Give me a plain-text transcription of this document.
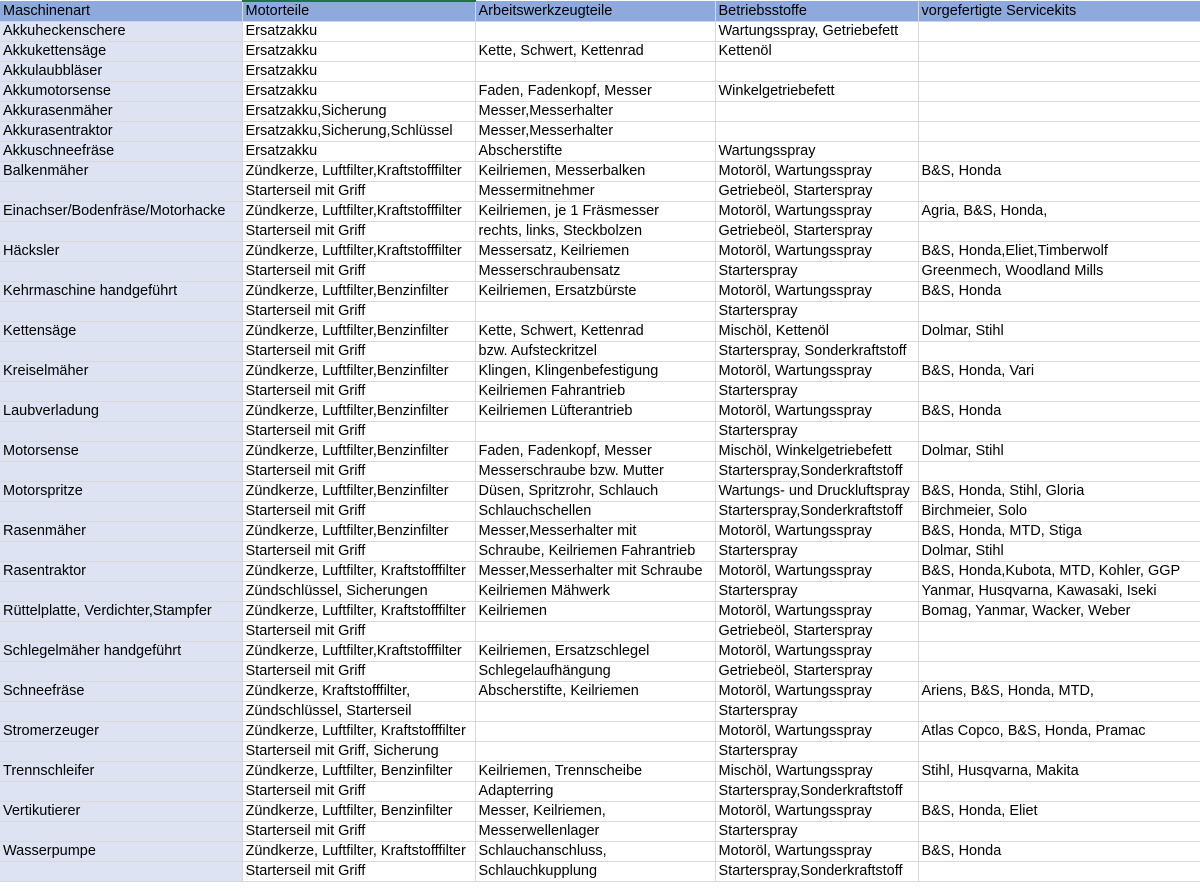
Maschinenart	Motorteile	Arbeitswerkzeugteile	Betriebsstoffe	vorgefertigte Servicekits
Akkuheckenschere	Ersatzakku		Wartungsspray, Getriebefett	
Akkukettensäge	Ersatzakku	Kette, Schwert, Kettenrad	Kettenöl	
Akkulaubbläser	Ersatzakku			
Akkumotorsense	Ersatzakku	Faden, Fadenkopf, Messer	Winkelgetriebefett	
Akkurasenmäher	Ersatzakku,Sicherung	Messer,Messerhalter		
Akkurasentraktor	Ersatzakku,Sicherung,Schlüssel	Messer,Messerhalter		
Akkuschneefräse	Ersatzakku	Abscherstifte	Wartungsspray	
Balkenmäher	Zündkerze, Luftfilter,Kraftstofffilter	Keilriemen, Messerbalken	Motoröl, Wartungsspray	B&S, Honda
	Starterseil mit Griff	Messermitnehmer	Getriebeöl, Starterspray	
Einachser/Bodenfräse/Motorhacke	Zündkerze, Luftfilter,Kraftstofffilter	Keilriemen, je 1 Fräsmesser	Motoröl, Wartungsspray	Agria, B&S, Honda,
	Starterseil mit Griff	rechts, links, Steckbolzen	Getriebeöl, Starterspray	
Häcksler	Zündkerze, Luftfilter,Kraftstofffilter	Messersatz, Keilriemen	Motoröl, Wartungsspray	B&S, Honda,Eliet,Timberwolf
	Starterseil mit Griff	Messerschraubensatz	Starterspray	Greenmech, Woodland Mills
Kehrmaschine handgeführt	Zündkerze, Luftfilter,Benzinfilter	Keilriemen, Ersatzbürste	Motoröl, Wartungsspray	B&S, Honda
	Starterseil mit Griff		Starterspray	
Kettensäge	Zündkerze, Luftfilter,Benzinfilter	Kette, Schwert, Kettenrad	Mischöl, Kettenöl	Dolmar, Stihl
	Starterseil mit Griff	bzw. Aufsteckritzel	Starterspray, Sonderkraftstoff	
Kreiselmäher	Zündkerze, Luftfilter,Benzinfilter	Klingen, Klingenbefestigung	Motoröl, Wartungsspray	B&S, Honda, Vari
	Starterseil mit Griff	Keilriemen Fahrantrieb	Starterspray	
Laubverladung	Zündkerze, Luftfilter,Benzinfilter	Keilriemen Lüfterantrieb	Motoröl, Wartungsspray	B&S, Honda
	Starterseil mit Griff		Starterspray	
Motorsense	Zündkerze, Luftfilter,Benzinfilter	Faden, Fadenkopf, Messer	Mischöl, Winkelgetriebefett	Dolmar, Stihl
	Starterseil mit Griff	Messerschraube bzw. Mutter	Starterspray,Sonderkraftstoff	
Motorspritze	Zündkerze, Luftfilter,Benzinfilter	Düsen, Spritzrohr, Schlauch	Wartungs- und Druckluftspray	B&S, Honda, Stihl, Gloria
	Starterseil mit Griff	Schlauchschellen	Starterspray,Sonderkraftstoff	Birchmeier, Solo
Rasenmäher	Zündkerze, Luftfilter,Benzinfilter	Messer,Messerhalter mit	Motoröl, Wartungsspray	B&S, Honda, MTD, Stiga
	Starterseil mit Griff	Schraube, Keilriemen Fahrantrieb	Starterspray	Dolmar, Stihl
Rasentraktor	Zündkerze, Luftfilter, Kraftstofffilter	Messer,Messerhalter mit Schraube	Motoröl, Wartungsspray	B&S, Honda,Kubota, MTD, Kohler, GGP
	Zündschlüssel, Sicherungen	Keilriemen Mähwerk	Starterspray	Yanmar, Husqvarna, Kawasaki, Iseki
Rüttelplatte, Verdichter,Stampfer	Zündkerze, Luftfilter, Kraftstofffilter	Keilriemen	Motoröl, Wartungsspray	Bomag, Yanmar, Wacker, Weber
	Starterseil mit Griff		Getriebeöl, Starterspray	
Schlegelmäher handgeführt	Zündkerze, Luftfilter,Kraftstofffilter	Keilriemen, Ersatzschlegel	Motoröl, Wartungsspray	
	Starterseil mit Griff	Schlegelaufhängung	Getriebeöl, Starterspray	
Schneefräse	Zündkerze, Kraftstofffilter,	Abscherstifte, Keilriemen	Motoröl, Wartungsspray	Ariens, B&S, Honda, MTD,
	Zündschlüssel, Starterseil		Starterspray	
Stromerzeuger	Zündkerze, Luftfilter, Kraftstofffilter		Motoröl, Wartungsspray	Atlas Copco, B&S, Honda, Pramac
	Starterseil mit Griff, Sicherung		Starterspray	
Trennschleifer	Zündkerze, Luftfilter, Benzinfilter	Keilriemen, Trennscheibe	Mischöl, Wartungsspray	Stihl, Husqvarna, Makita
	Starterseil mit Griff	Adapterring	Starterspray,Sonderkraftstoff	
Vertikutierer	Zündkerze, Luftfilter, Benzinfilter	Messer, Keilriemen,	Motoröl, Wartungsspray	B&S, Honda, Eliet
	Starterseil mit Griff	Messerwellenlager	Starterspray	
Wasserpumpe	Zündkerze, Luftfilter, Kraftstofffilter	Schlauchanschluss,	Motoröl, Wartungsspray	B&S, Honda
	Starterseil mit Griff	Schlauchkupplung	Starterspray,Sonderkraftstoff	
